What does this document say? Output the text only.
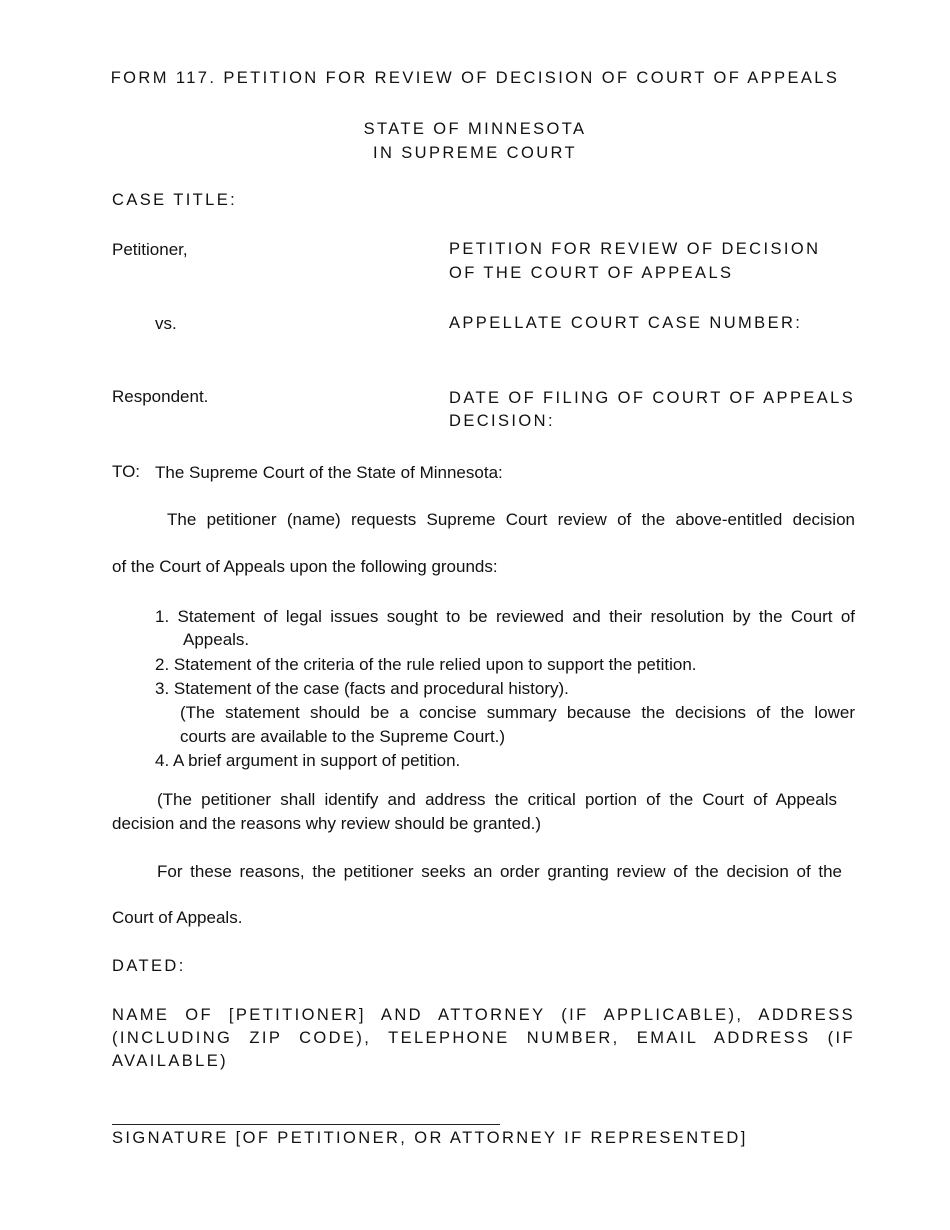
FORM 117. PETITION FOR REVIEW OF DECISION OF COURT OF APPEALS
STATE OF MINNESOTA
IN SUPREME COURT
CASE TITLE:
Petitioner,
vs.
Respondent.
PETITION FOR REVIEW OF DECISION
OF THE COURT OF APPEALS
APPELLATE COURT CASE NUMBER:
DATE OF FILING OF COURT OF APPEALS
DECISION:
TO: The Supreme Court of the State of Minnesota:
The petitioner (name) requests Supreme Court review of the above-entitled decision
of the Court of Appeals upon the following grounds:
1. Statement of legal issues sought to be reviewed and their resolution by the Court of
Appeals.
2. Statement of the criteria of the rule relied upon to support the petition.
3. Statement of the case (facts and procedural history).
(The statement should be a concise summary because the decisions of the lower
courts are available to the Supreme Court.)
4. A brief argument in support of petition.
(The petitioner shall identify and address the critical portion of the Court of Appeals
decision and the reasons why review should be granted.)
For these reasons, the petitioner seeks an order granting review of the decision of the
Court of Appeals.
DATED:
NAME OF [PETITIONER] AND ATTORNEY (IF APPLICABLE), ADDRESS
(INCLUDING ZIP CODE), TELEPHONE NUMBER, EMAIL ADDRESS (IF
AVAILABLE)
SIGNATURE [OF PETITIONER, OR ATTORNEY IF REPRESENTED]
